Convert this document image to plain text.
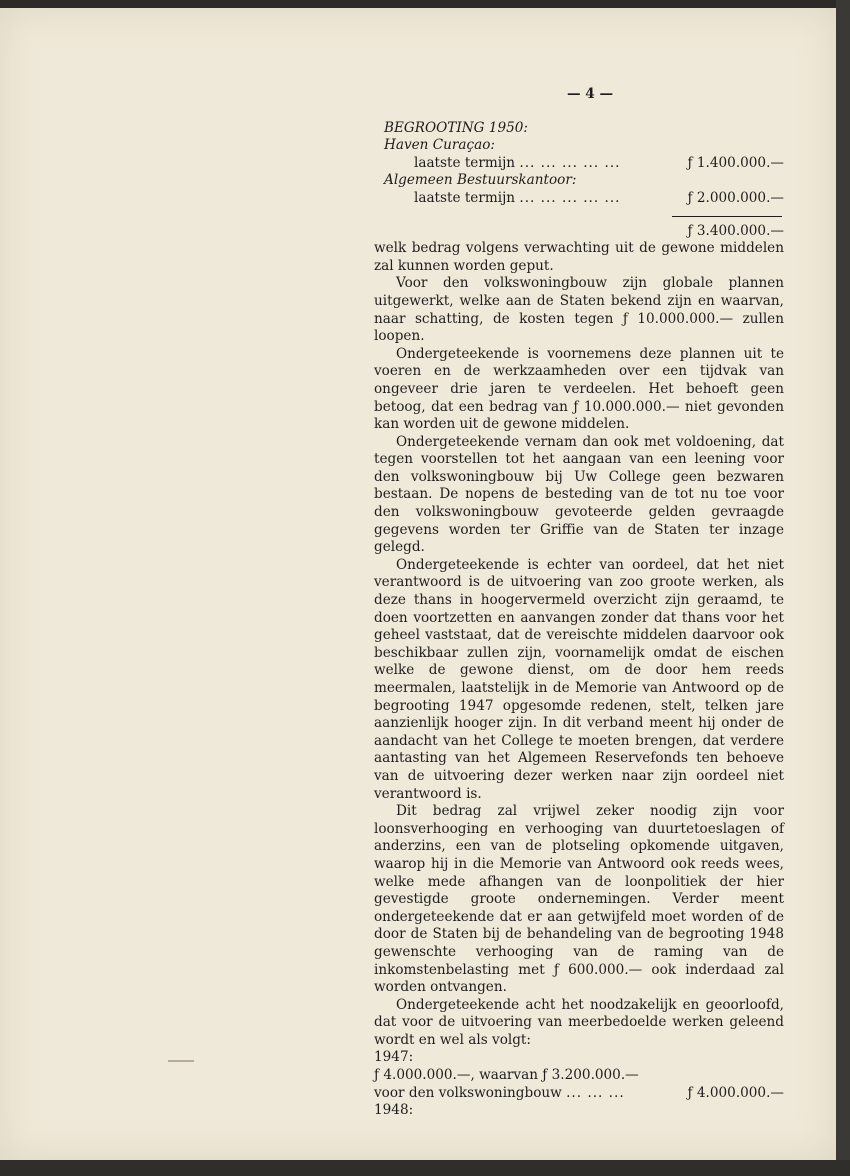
— 4 —
BEGROOTING 1950:
Haven Curaçao:
laatste termijn ... ... ... ... ...	ƒ 1.400.000.—
Algemeen Bestuurskantoor:
laatste termijn ... ... ... ... ...	ƒ 2.000.000.—
ƒ 3.400.000.—

welk bedrag volgens verwachting uit de gewone middelen zal kunnen worden geput.

Voor den volkswoningbouw zijn globale plannen uitgewerkt, welke aan de Staten bekend zijn en waarvan, naar schatting, de kosten tegen ƒ 10.000.000.— zullen loopen.

Ondergeteekende is voornemens deze plannen uit te voeren en de werkzaamheden over een tijdvak van ongeveer drie jaren te verdeelen. Het behoeft geen betoog, dat een bedrag van ƒ 10.000.000.— niet gevonden kan worden uit de gewone middelen.

Ondergeteekende vernam dan ook met voldoening, dat tegen voorstellen tot het aangaan van een leening voor den volkswoningbouw bij Uw College geen bezwaren bestaan. De nopens de besteding van de tot nu toe voor den volkswoningbouw gevoteerde gelden gevraagde gegevens worden ter Griffie van de Staten ter inzage gelegd.

Ondergeteekende is echter van oordeel, dat het niet verantwoord is de uitvoering van zoo groote werken, als deze thans in hoogervermeld overzicht zijn geraamd, te doen voortzetten en aanvangen zonder dat thans voor het geheel vaststaat, dat de vereischte middelen daarvoor ook beschikbaar zullen zijn, voornamelijk omdat de eischen welke de gewone dienst, om de door hem reeds meermalen, laatstelijk in de Memorie van Antwoord op de begrooting 1947 opgesomde redenen, stelt, telken jare aanzienlijk hooger zijn. In dit verband meent hij onder de aandacht van het College te moeten brengen, dat verdere aantasting van het Algemeen Reservefonds ten behoeve van de uitvoering dezer werken naar zijn oordeel niet verantwoord is.

Dit bedrag zal vrijwel zeker noodig zijn voor loonsverhooging en verhooging van duurtetoeslagen of anderzins, een van de plotseling opkomende uitgaven, waarop hij in die Memorie van Antwoord ook reeds wees, welke mede afhangen van de loonpolitiek der hier gevestigde groote ondernemingen. Verder meent ondergeteekende dat er aan getwijfeld moet worden of de door de Staten bij de behandeling van de begrooting 1948 gewenschte verhooging van de raming van de inkomstenbelasting met ƒ 600.000.— ook inderdaad zal worden ontvangen.

Ondergeteekende acht het noodzakelijk en geoorloofd, dat voor de uitvoering van meerbedoelde werken geleend wordt en wel als volgt:

1947:
ƒ 4.000.000.—, waarvan ƒ 3.200.000.—
voor den volkswoningbouw ... ... ...	ƒ 4.000.000.—
1948:
